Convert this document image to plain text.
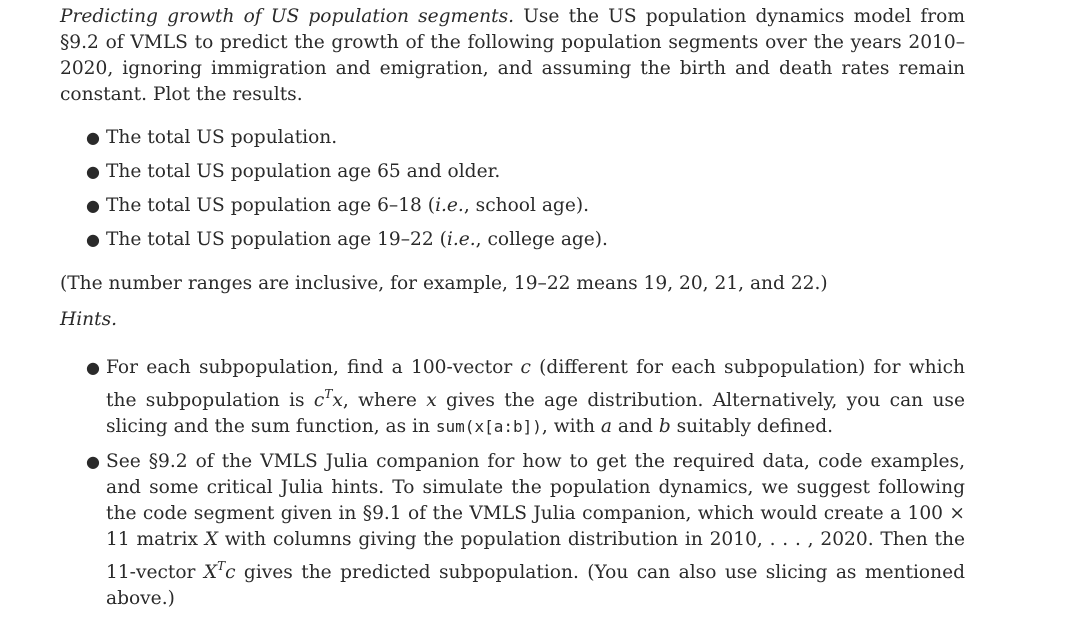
Predicting growth of US population segments. Use the US population dynamics model from §9.2 of VMLS to predict the growth of the following population segments over the years 2010–2020, ignoring immigration and emigration, and assuming the birth and death rates remain constant. Plot the results.

● The total US population.
● The total US population age 65 and older.
● The total US population age 6–18 (i.e., school age).
● The total US population age 19–22 (i.e., college age).

(The number ranges are inclusive, for example, 19–22 means 19, 20, 21, and 22.)

Hints.

● For each subpopulation, find a 100-vector c (different for each subpopulation) for which the subpopulation is $c^Tx$, where x gives the age distribution. Alternatively, you can use slicing and the sum function, as in sum(x[a:b]), with a and b suitably defined.
● See §9.2 of the VMLS Julia companion for how to get the required data, code examples, and some critical Julia hints. To simulate the population dynamics, we suggest following the code segment given in §9.1 of the VMLS Julia companion, which would create a 100 × 11 matrix X with columns giving the population distribution in 2010, . . . , 2020. Then the 11-vector $X^Tc$ gives the predicted subpopulation. (You can also use slicing as mentioned above.)
